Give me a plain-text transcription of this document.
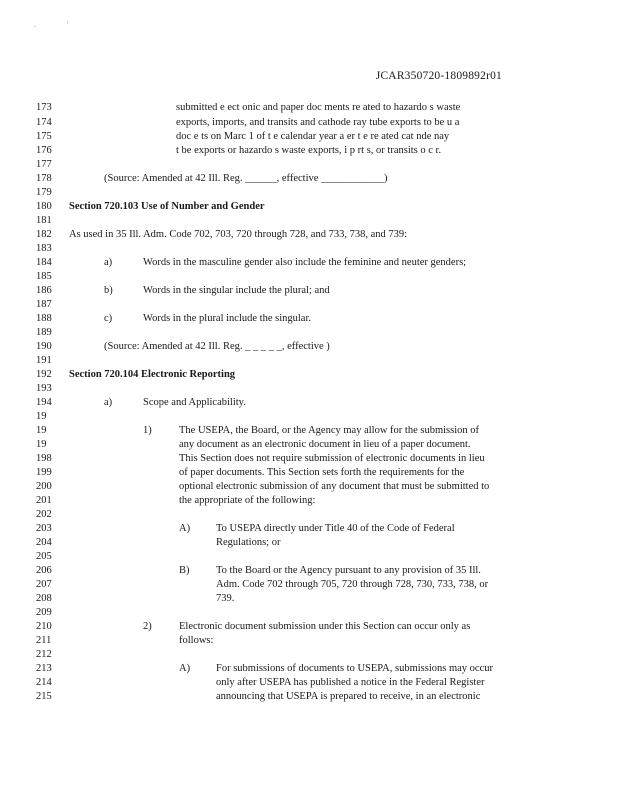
.	'
JCAR350720-1809892r01
173	submitted e ect onic and paper doc ments re ated to hazardo s waste
174	exports, imports, and transits and cathode ray tube exports to be u a
175	doc e ts on Marc 1 of t e calendar year a er t e re ated cat nde nay
176	t be exports or hazardo s waste exports, i p rt s, or transits o c r.
177
178	(Source: Amended at 42 Ill. Reg. ______, effective ____________)
179
180	Section 720.103 Use of Number and Gender
181
182	As used in 35 Ill. Adm. Code 702, 703, 720 through 728, and 733, 738, and 739:
183
184	a)	Words in the masculine gender also include the feminine and neuter genders;
185
186	b)	Words in the singular include the plural; and
187
188	c)	Words in the plural include the singular.
189
190	(Source: Amended at 42 Ill. Reg. _ _ _ _ _, effective )
191
192	Section 720.104 Electronic Reporting
193
194	a)	Scope and Applicability.
19
19	1)	The USEPA, the Board, or the Agency may allow for the submission of
19	any document as an electronic document in lieu of a paper document.
198	This Section does not require submission of electronic documents in lieu
199	of paper documents. This Section sets forth the requirements for the
200	optional electronic submission of any document that must be submitted to
201	the appropriate of the following:
202
203	A) To USEPA directly under Title 40 of the Code of Federal
204	Regulations; or
205
206	B)	To the Board or the Agency pursuant to any provision of 35 Ill.
207	Adm. Code 702 through 705, 720 through 728, 730, 733, 738, or
208	739.
209
210	2)	Electronic document submission under this Section can occur only as
211	follows:
212
213	A) For submissions of documents to USEPA, submissions may occur
214	only after USEPA has published a notice in the Federal Register
215	announcing that USEPA is prepared to receive, in an electronic
